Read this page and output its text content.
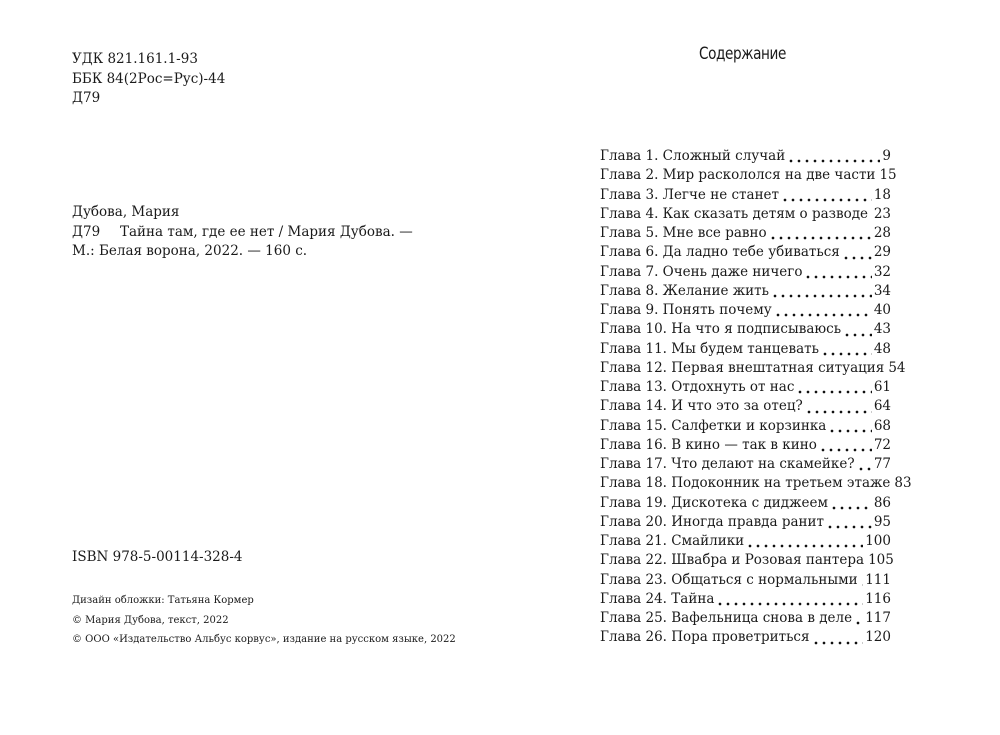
УДК 821.161.1-93
ББК 84(2Рос=Рус)-44
Д79
Дубова, Мария
Д79 Тайна там, где ее нет / Мария Дубова. —
М.: Белая ворона, 2022. — 160 с.
ISBN 978-5-00114-328-4
Дизайн обложки: Татьяна Кормер
© Мария Дубова, текст, 2022
© ООО «Издательство Альбус корвус», издание на русском языке, 2022
Содержание
Глава 1. Сложный случай	9
Глава 2. Мир раскололся на две части 15
Глава 3. Легче не станет	18
Глава 4. Как сказать детям о разводе 23
Глава 5. Мне все равно	28
Глава 6. Да ладно тебе убиваться	29
Глава 7. Очень даже ничего	32
Глава 8. Желание жить	34
Глава 9. Понять почему	40
Глава 10. На что я подписываюсь 43
Глава 11. Мы будем танцевать	48
Глава 12. Первая внештатная ситуация 54
Глава 13. Отдохнуть от нас	61
Глава 14. И что это за отец?	64
Глава 15. Салфетки и корзинка	68
Глава 16. В кино — так в кино	72
Глава 17. Что делают на скамейке? 77
Глава 18. Подоконник на третьем этаже 83
Глава 19. Дискотека с диджеем	86
Глава 20. Иногда правда ранит	95
Глава 21. Смайлики	100
Глава 22. Швабра и Розовая пантера 105
Глава 23. Общаться с нормальными 111
Глава 24. Тайна	116
Глава 25. Вафельница снова в деле 117
Глава 26. Пора проветриться	120
